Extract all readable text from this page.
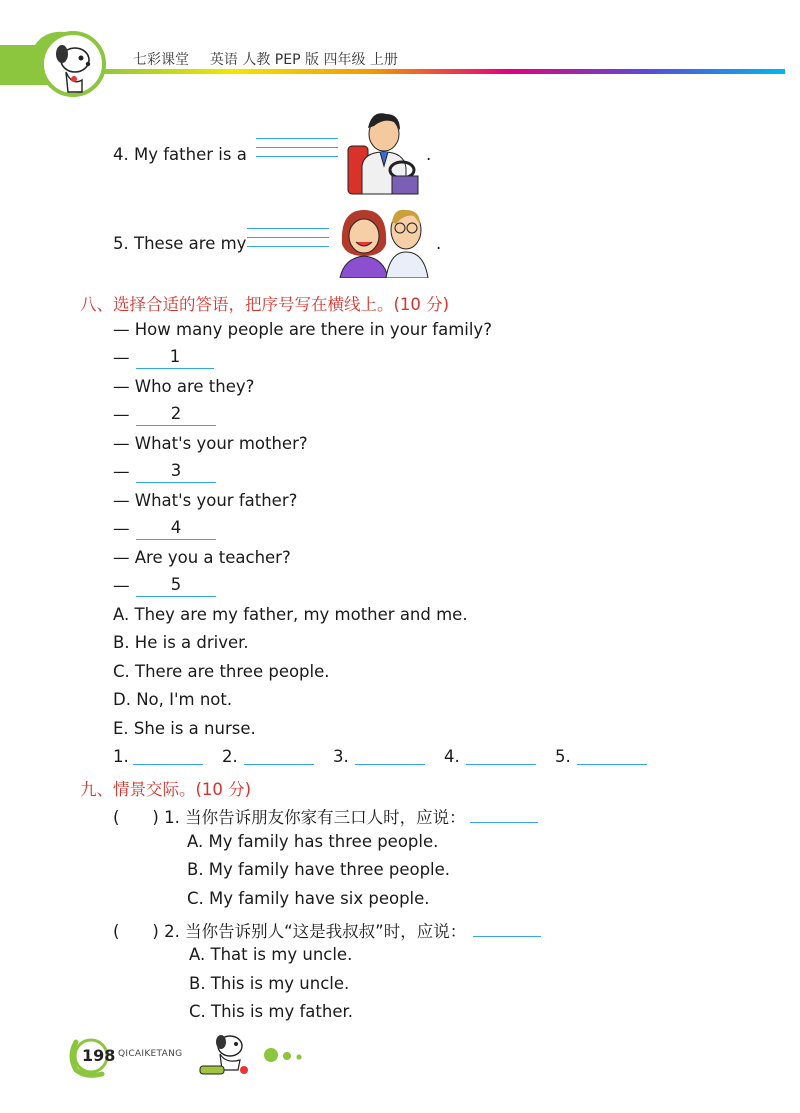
七彩课堂 英语 人教 PEP 版 四年级 上册
4. My father is a	.
5. These are my	.
八、选择合适的答语，把序号写在横线上。(10 分)
— How many people are there in your family?
—	1
— Who are they?
—	2
— What's your mother?
—	3
— What's your father?
—	4
— Are you a teacher?
—	5
A. They are my father, my mother and me.
B. He is a driver.
C. There are three people.
D. No, I'm not.
E. She is a nurse.
1.	2.	3.	4.	5.
九、情景交际。(10 分)
(　　) 1. 当你告诉朋友你家有三口人时，应说：
A. My family has three people.
B. My family have three people.
C. My family have six people.
(　　) 2. 当你告诉别人“这是我叔叔”时，应说：
A. That is my uncle.
B. This is my uncle.
C. This is my father.
198 QICAIKETANG
